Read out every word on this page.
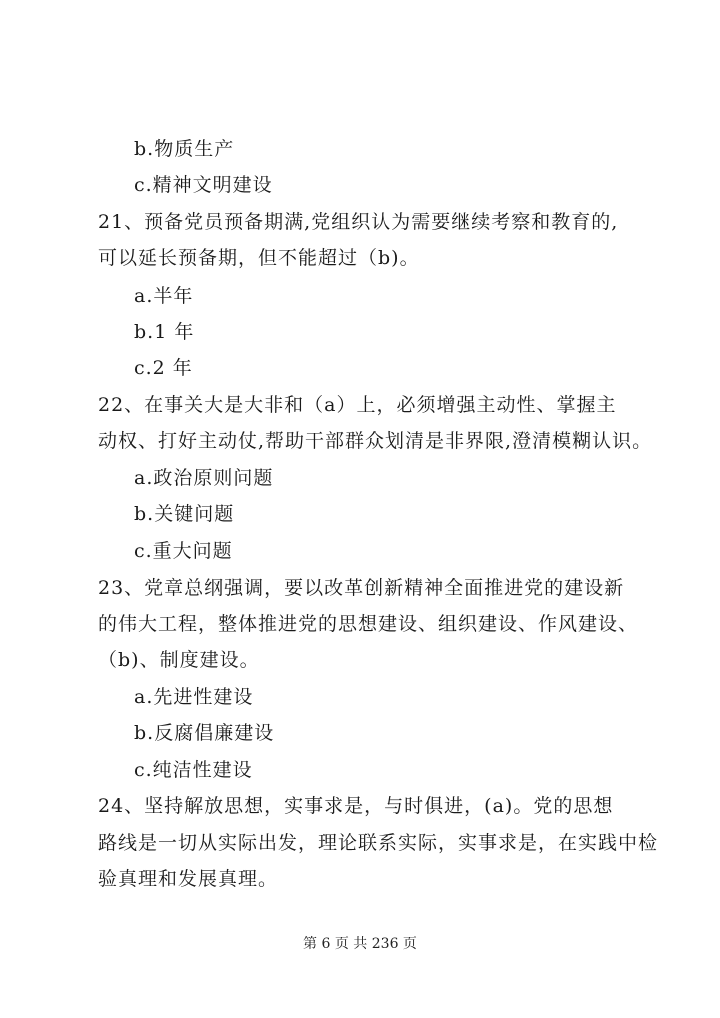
b.物质生产
c.精神文明建设
21、预备党员预备期满,党组织认为需要继续考察和教育的,
可以延长预备期，但不能超过（b)。
a.半年
b.1 年
c.2 年
22、在事关大是大非和（a）上，必须增强主动性、掌握主
动权、打好主动仗,帮助干部群众划清是非界限,澄清模糊认识。
a.政治原则问题
b.关键问题
c.重大问题
23、党章总纲强调，要以改革创新精神全面推进党的建设新
的伟大工程，整体推进党的思想建设、组织建设、作风建设、
（b)、制度建设。
a.先进性建设
b.反腐倡廉建设
c.纯洁性建设
24、坚持解放思想，实事求是，与时俱进，(a)。党的思想
路线是一切从实际出发，理论联系实际，实事求是，在实践中检
验真理和发展真理。
第 6 页 共 236 页
